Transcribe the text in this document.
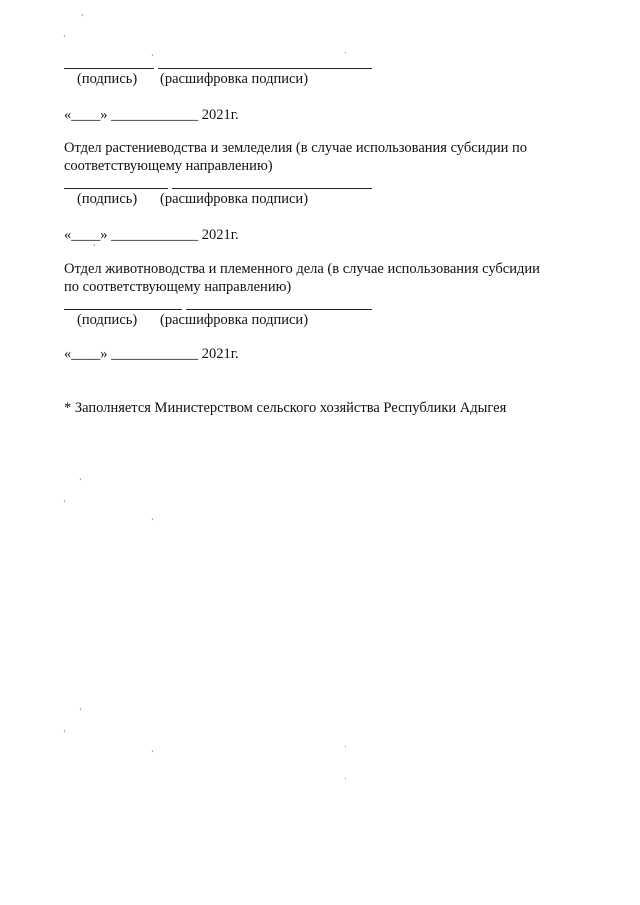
′
′
′
′
′
′
′
′
′
′
(подпись) (расшифровка подписи)
«____» ____________ 2021г.
Отдел растениеводства и земледелия (в случае использования субсидии по
соответствующему направлению)
(подпись) (расшифровка подписи)
«____» ____________ 2021г.
Отдел животноводства и племенного дела (в случае использования субсидии
по соответствующему направлению)
(подпись) (расшифровка подписи)
«____» ____________ 2021г.
* Заполняется Министерством сельского хозяйства Республики Адыгея
